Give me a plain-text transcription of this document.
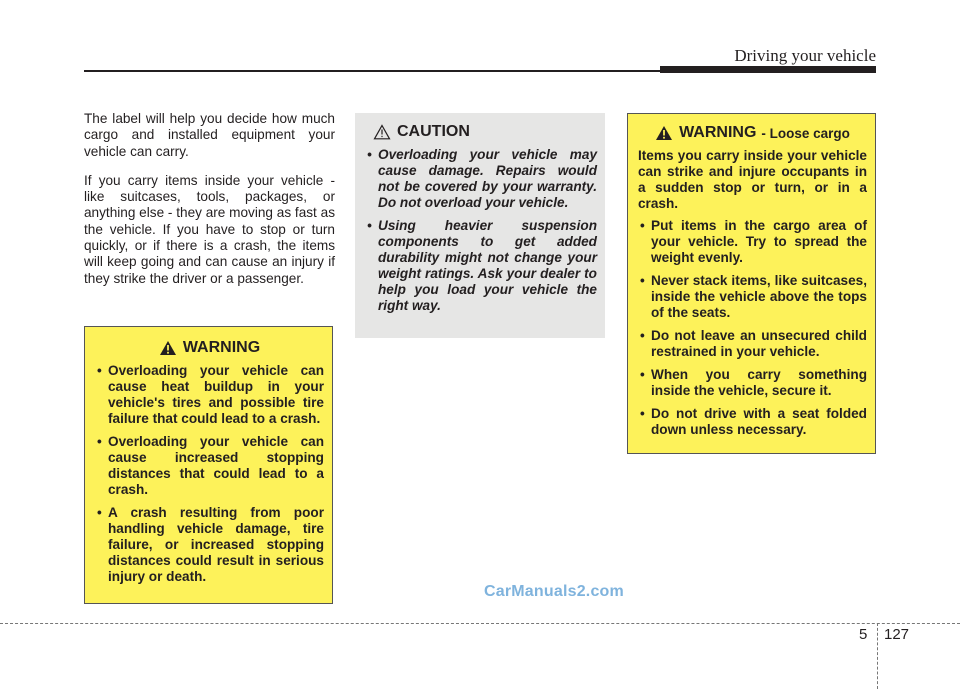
Driving your vehicle

The label will help you decide how much cargo and installed equipment your vehicle can carry.

If you carry items inside your vehicle - like suitcases, tools, packages, or anything else - they are moving as fast as the vehicle. If you have to stop or turn quickly, or if there is a crash, the items will keep going and can cause an injury if they strike the driver or a passenger.

WARNING
• Overloading your vehicle can cause heat buildup in your vehicle's tires and possible tire failure that could lead to a crash.
• Overloading your vehicle can cause increased stopping distances that could lead to a crash.
• A crash resulting from poor handling vehicle damage, tire failure, or increased stopping distances could result in serious injury or death.
CAUTION
• Overloading your vehicle may cause damage. Repairs would not be covered by your warranty. Do not overload your vehicle.
• Using heavier suspension components to get added durability might not change your weight ratings. Ask your dealer to help you load your vehicle the right way.
WARNING - Loose cargo

Items you carry inside your vehicle can strike and injure occupants in a sudden stop or turn, or in a crash.

• Put items in the cargo area of your vehicle. Try to spread the weight evenly.
• Never stack items, like suitcases, inside the vehicle above the tops of the seats.
• Do not leave an unsecured child restrained in your vehicle.
• When you carry something inside the vehicle, secure it.
• Do not drive with a seat folded down unless necessary.
CarManuals2.com
5 127
